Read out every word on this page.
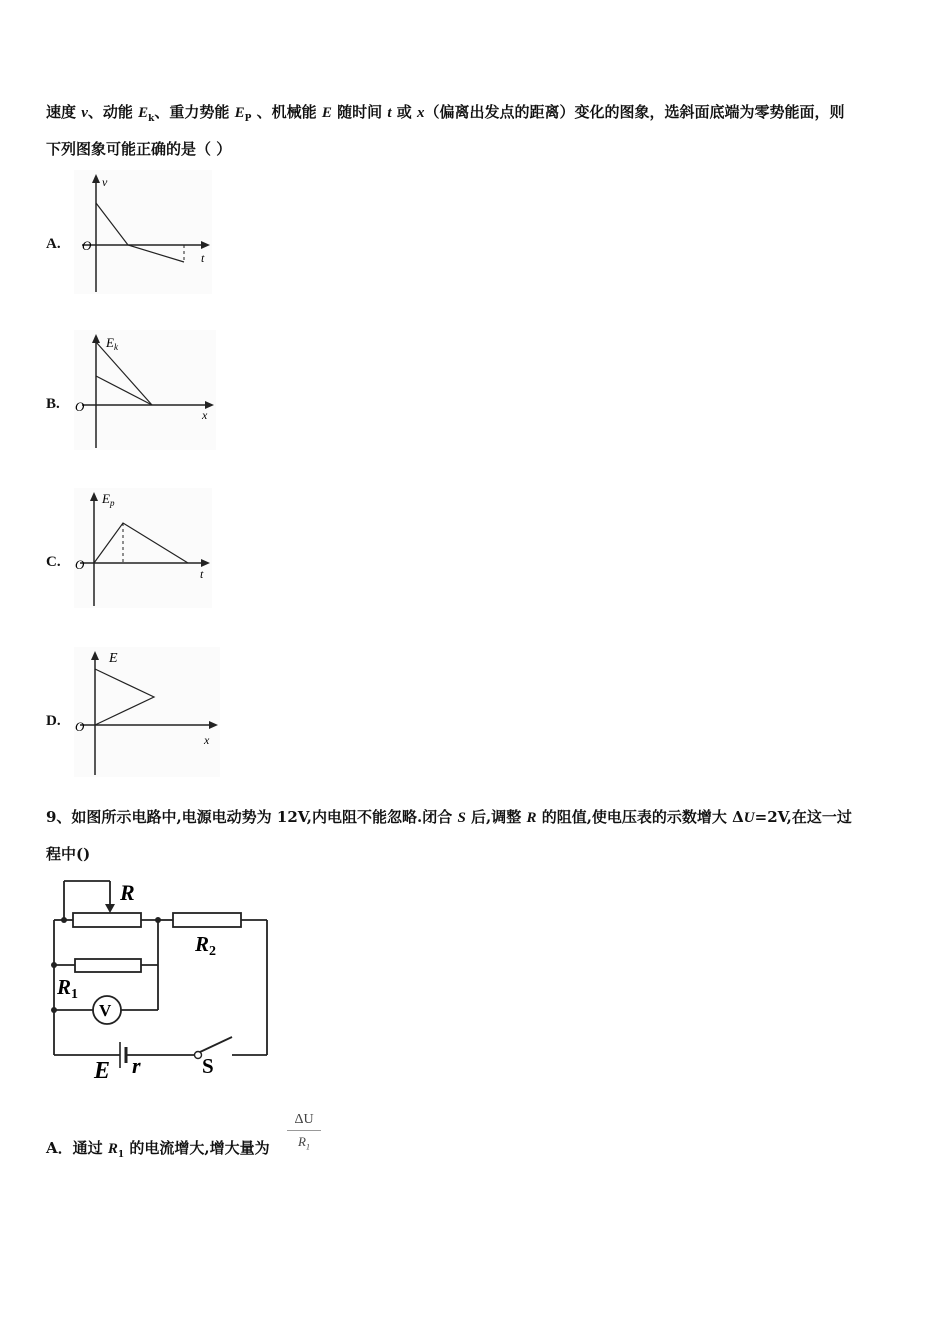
速度 v、动能 $E_k$、重力势能 $E_P$ 、机械能 E 随时间 t 或 x（偏离出发点的距离）变化的图象，选斜面底端为零势能面，则
下列图象可能正确的是（ ）
A.
v
O
t
B.
$E_k$
O
x
C.
$E_p$
O
t
D.
E
O
x
9、如图所示电路中,电源电动势为 12V,内电阻不能忽略.闭合 S 后,调整 R 的阻值,使电压表的示数增大 ΔU=2V,在这一过
程中()
R
R2
R1
V
E r	S
A．通过 $R_1$ 的电流增大,增大量为	$\frac{\Delta U}{R_1}$
